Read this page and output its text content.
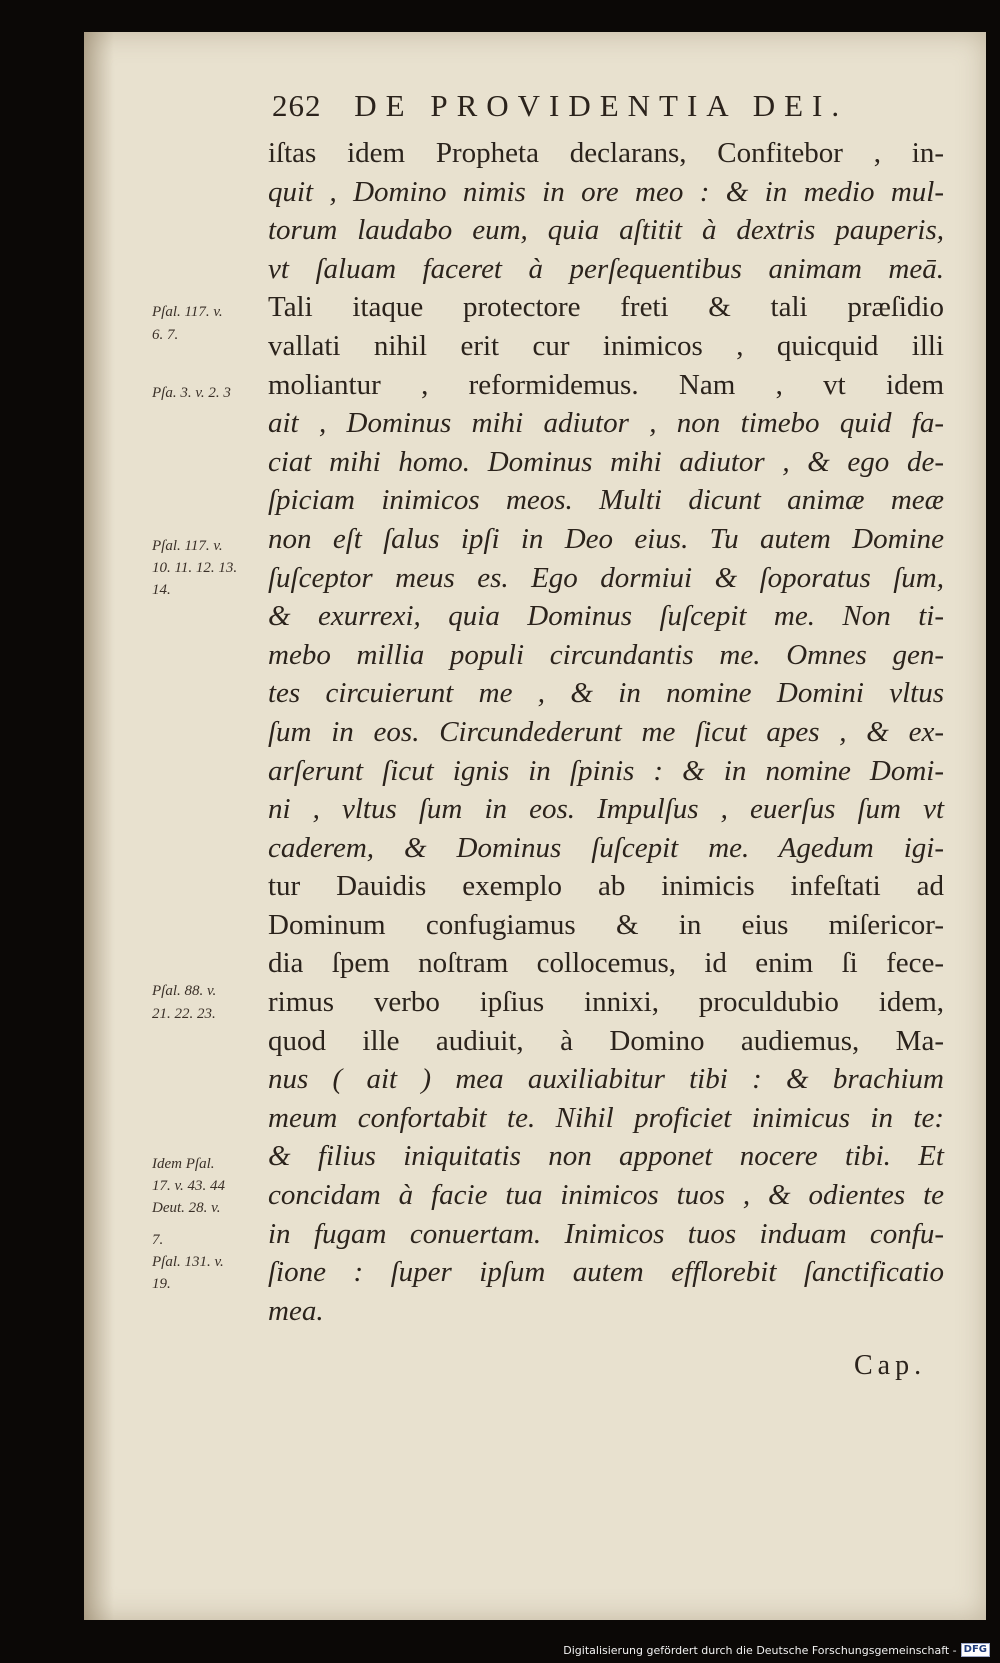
262 DE PROVIDENTIA DEI.
iſtas idem Propheta declarans, Confitebor , in-
quit , Domino nimis in ore meo : & in medio mul-
torum laudabo eum, quia aſtitit à dextris pauperis,
vt ſaluam faceret à perſequentibus animam meā.
Tali itaque protectore freti & tali præſidio
vallati nihil erit cur inimicos , quicquid illi
moliantur , reformidemus. Nam , vt idem
ait , Dominus mihi adiutor , non timebo quid fa-
ciat mihi homo. Dominus mihi adiutor , & ego de-
ſpiciam inimicos meos. Multi dicunt animæ meæ
non eſt ſalus ipſi in Deo eius. Tu autem Domine
ſuſceptor meus es. Ego dormiui & ſoporatus ſum,
& exurrexi, quia Dominus ſuſcepit me. Non ti-
mebo millia populi circundantis me. Omnes gen-
tes circuierunt me , & in nomine Domini vltus
ſum in eos. Circundederunt me ſicut apes , & ex-
arſerunt ſicut ignis in ſpinis : & in nomine Domi-
ni , vltus ſum in eos. Impulſus , euerſus ſum vt
caderem, & Dominus ſuſcepit me. Agedum igi-
tur Dauidis exemplo ab inimicis infeſtati ad
Dominum confugiamus & in eius miſericor-
dia ſpem noſtram collocemus, id enim ſi fece-
rimus verbo ipſius innixi, proculdubio idem,
quod ille audiuit, à Domino audiemus, Ma-
nus ( ait ) mea auxiliabitur tibi : & brachium
meum confortabit te. Nihil proficiet inimicus in te:
& filius iniquitatis non apponet nocere tibi. Et
concidam à facie tua inimicos tuos , & odientes te
in fugam conuertam. Inimicos tuos induam confu-
ſione : ſuper ipſum autem efflorebit ſanctificatio
mea.
Pſal. 117. v.
6. 7.
Pſa. 3. v. 2. 3
Pſal. 117. v.
10. 11. 12. 13.
14.
Pſal. 88. v.
21. 22. 23.
Idem Pſal.
17. v. 43. 44
Deut. 28. v.
7.
Pſal. 131. v.
19.
Cap.
Digitalisierung gefördert durch die Deutsche Forschungsgemeinschaft - DFG
